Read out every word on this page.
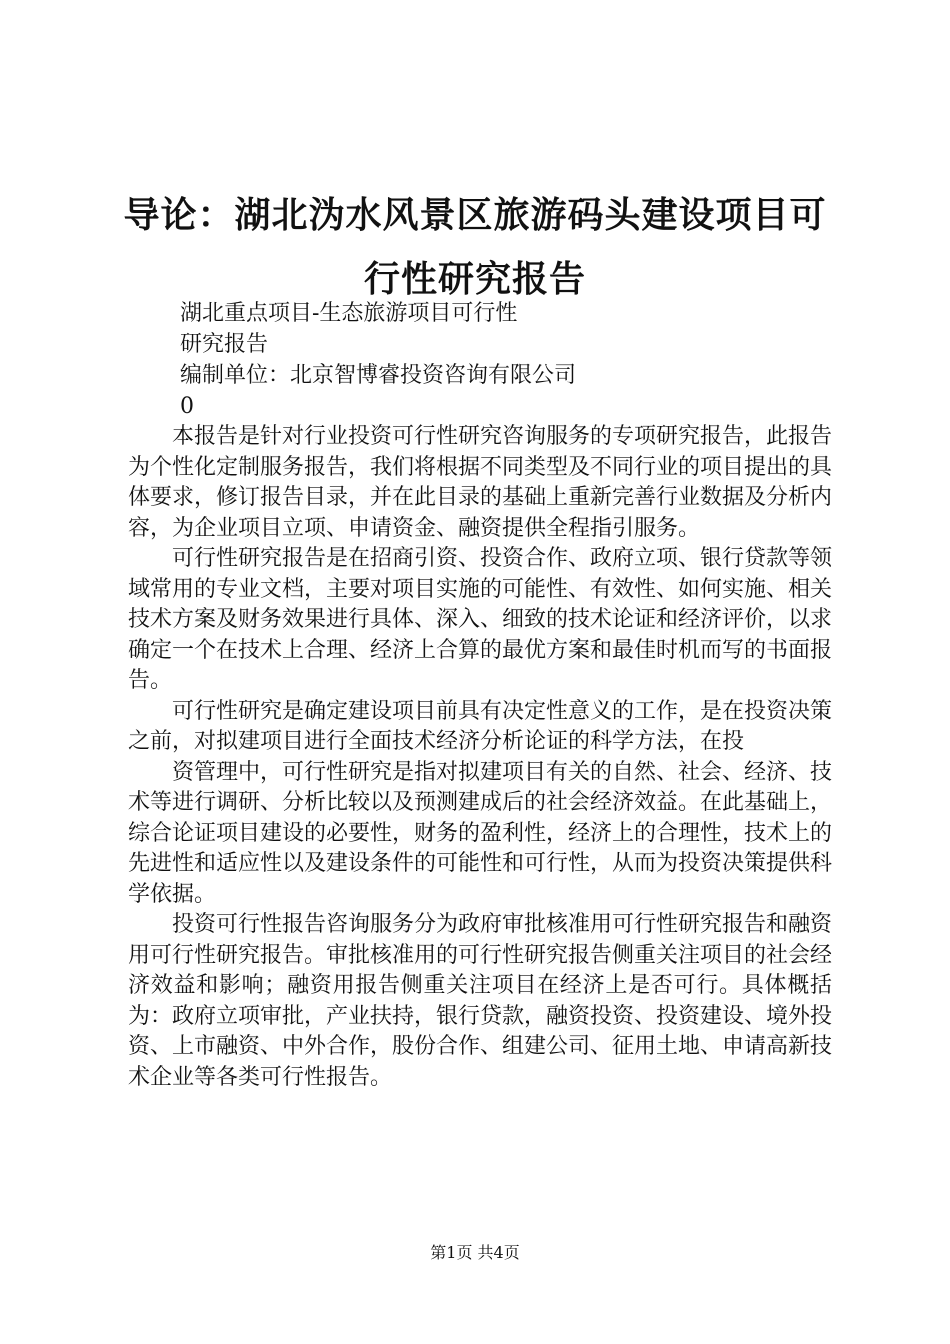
导论：湖北沩水风景区旅游码头建设项目可行性研究报告
湖北重点项目-生态旅游项目可行性
研究报告
编制单位：北京智博睿投资咨询有限公司
0

本报告是针对行业投资可行性研究咨询服务的专项研究报告，此报告为个性化定制服务报告，我们将根据不同类型及不同行业的项目提出的具体要求，修订报告目录，并在此目录的基础上重新完善行业数据及分析内容，为企业项目立项、申请资金、融资提供全程指引服务。

可行性研究报告是在招商引资、投资合作、政府立项、银行贷款等领域常用的专业文档，主要对项目实施的可能性、有效性、如何实施、相关技术方案及财务效果进行具体、深入、细致的技术论证和经济评价，以求确定一个在技术上合理、经济上合算的最优方案和最佳时机而写的书面报告。

可行性研究是确定建设项目前具有决定性意义的工作，是在投资决策之前，对拟建项目进行全面技术经济分析论证的科学方法，在投

资管理中，可行性研究是指对拟建项目有关的自然、社会、经济、技术等进行调研、分析比较以及预测建成后的社会经济效益。在此基础上，综合论证项目建设的必要性，财务的盈利性，经济上的合理性，技术上的先进性和适应性以及建设条件的可能性和可行性，从而为投资决策提供科学依据。

投资可行性报告咨询服务分为政府审批核准用可行性研究报告和融资用可行性研究报告。审批核准用的可行性研究报告侧重关注项目的社会经济效益和影响；融资用报告侧重关注项目在经济上是否可行。具体概括为：政府立项审批，产业扶持，银行贷款，融资投资、投资建设、境外投资、上市融资、中外合作，股份合作、组建公司、征用土地、申请高新技术企业等各类可行性报告。

第1页 共4页
